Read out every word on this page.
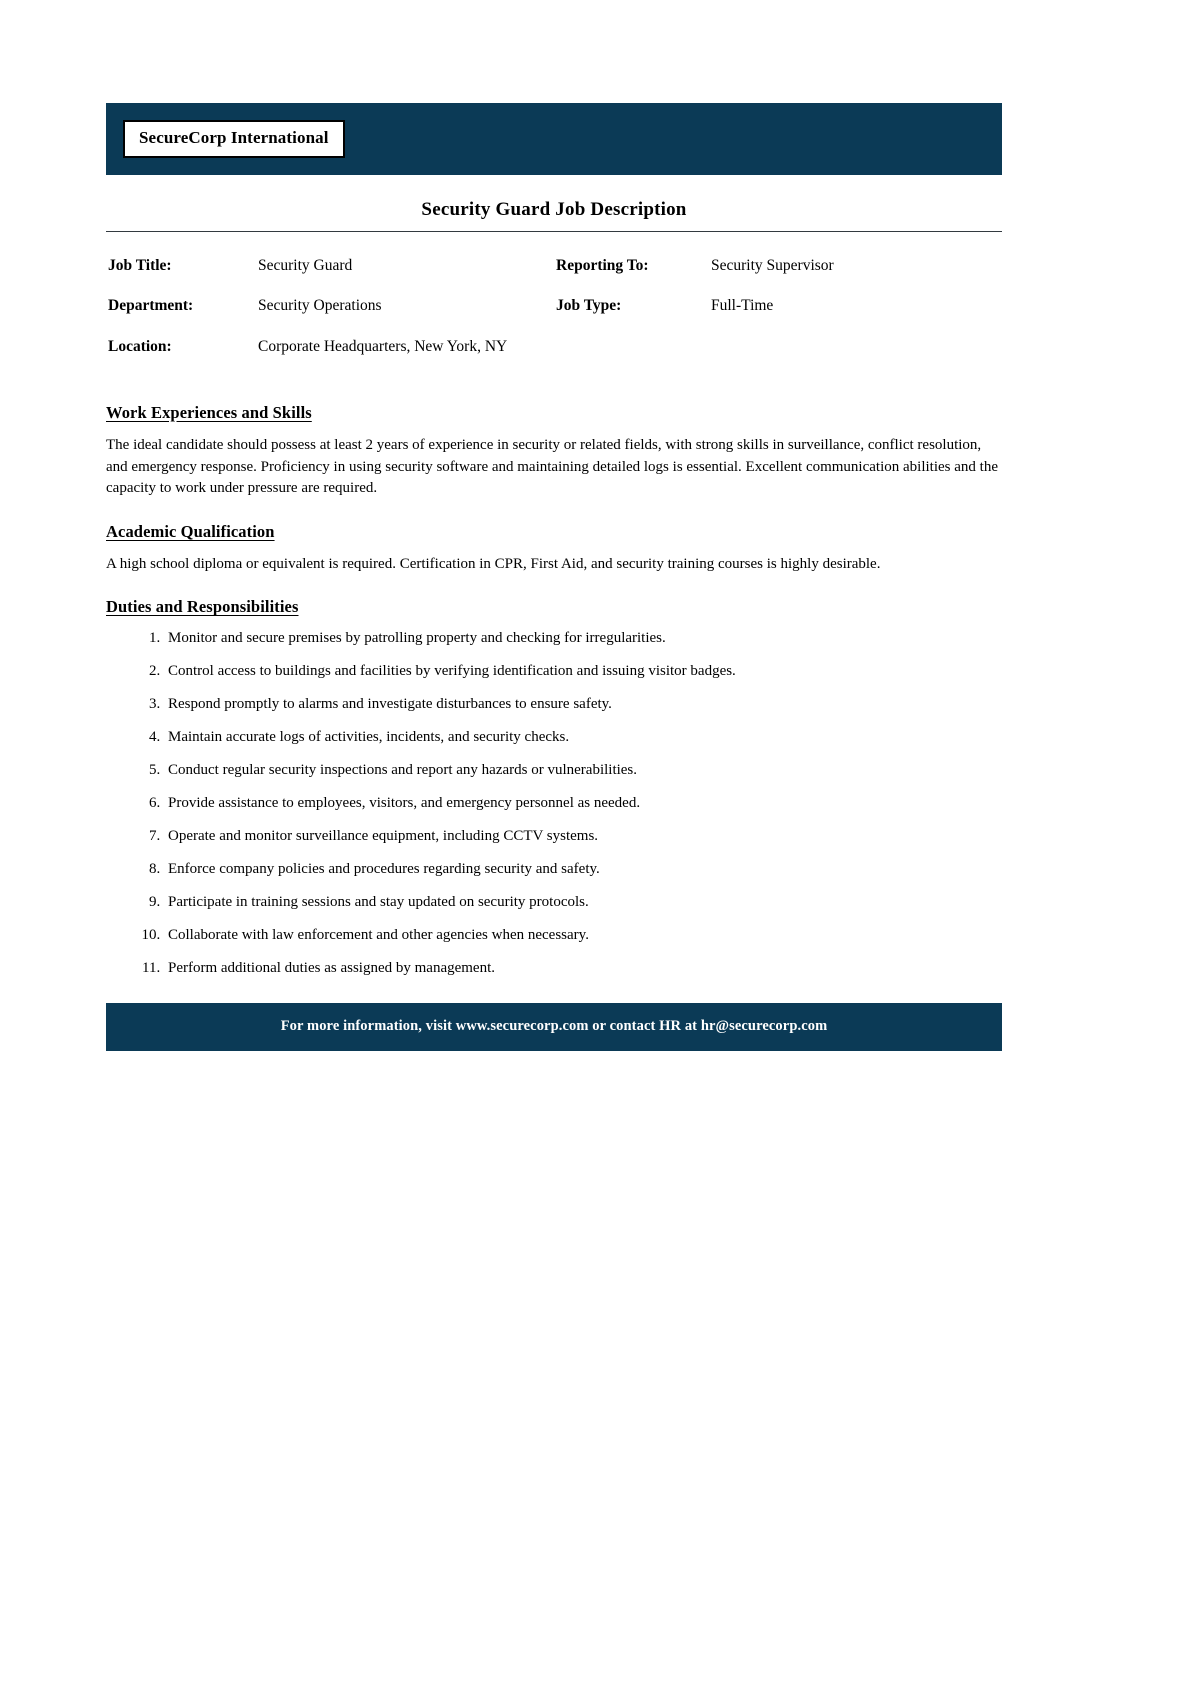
SecureCorp International
Security Guard Job Description
Job Title:	Security Guard	Reporting To:	Security Supervisor
Department:	Security Operations	Job Type:	Full-Time
Location:	Corporate Headquarters, New York, NY		
Work Experiences and Skills

The ideal candidate should possess at least 2 years of experience in security or related fields, with strong skills in surveillance, conflict resolution, and emergency response. Proficiency in using security software and maintaining detailed logs is essential. Excellent communication abilities and the capacity to work under pressure are required.

Academic Qualification

A high school diploma or equivalent is required. Certification in CPR, First Aid, and security training courses is highly desirable.

Duties and Responsibilities
1. Monitor and secure premises by patrolling property and checking for irregularities.
2. Control access to buildings and facilities by verifying identification and issuing visitor badges.
3. Respond promptly to alarms and investigate disturbances to ensure safety.
4. Maintain accurate logs of activities, incidents, and security checks.
5. Conduct regular security inspections and report any hazards or vulnerabilities.
6. Provide assistance to employees, visitors, and emergency personnel as needed.
7. Operate and monitor surveillance equipment, including CCTV systems.
8. Enforce company policies and procedures regarding security and safety.
9. Participate in training sessions and stay updated on security protocols.
10. Collaborate with law enforcement and other agencies when necessary.
11. Perform additional duties as assigned by management.
For more information, visit www.securecorp.com or contact HR at hr@securecorp.com
